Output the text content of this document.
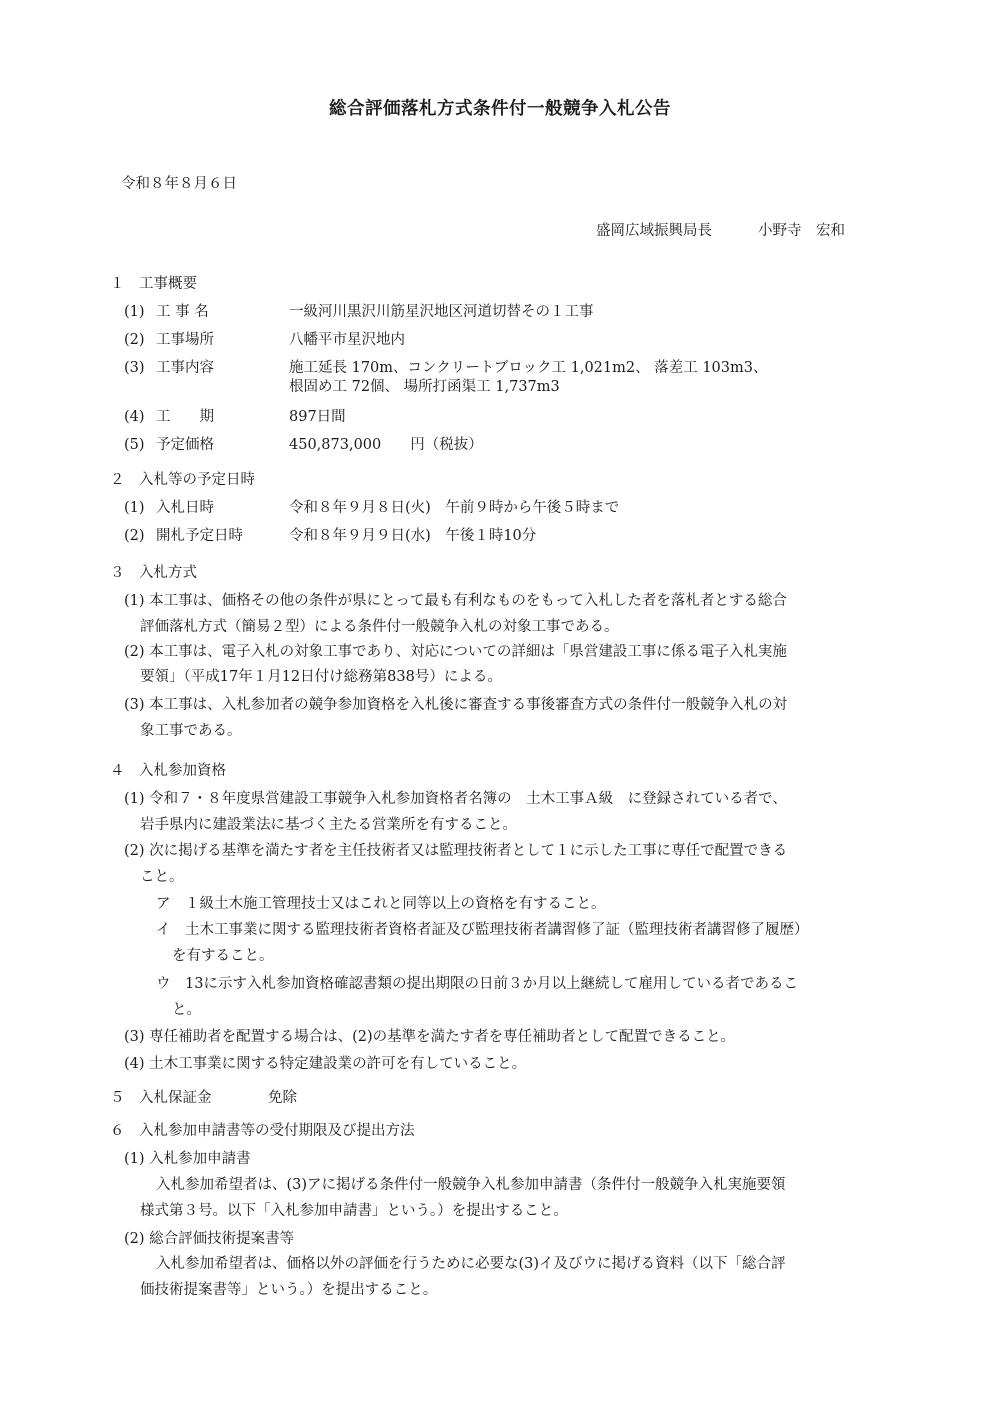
総合評価落札方式条件付一般競争入札公告
令和８年８月６日
盛岡広域振興局長	小野寺　宏和
１　工事概要
(1) 工 事 名	一級河川黒沢川筋星沢地区河道切替その１工事
(2) 工事場所	八幡平市星沢地内
(3) 工事内容	施工延長 170m、コンクリートブロック工 1,021m2、 落差工 103m3、
根固め工 72個、 場所打函渠工 1,737m3
(4) 工　　期	897日間
(5) 予定価格	450,873,000　　円（税抜）
２　入札等の予定日時
(1) 入札日時	令和８年９月８日(火)　午前９時から午後５時まで
(2) 開札予定日時	令和８年９月９日(水)　午後１時10分
３　入札方式
(1) 本工事は、価格その他の条件が県にとって最も有利なものをもって入札した者を落札者とする総合
評価落札方式（簡易２型）による条件付一般競争入札の対象工事である。
(2) 本工事は、電子入札の対象工事であり、対応についての詳細は「県営建設工事に係る電子入札実施
要領」（平成17年１月12日付け総務第838号）による。
(3) 本工事は、入札参加者の競争参加資格を入札後に審査する事後審査方式の条件付一般競争入札の対
象工事である。
４　入札参加資格
(1) 令和７・８年度県営建設工事競争入札参加資格者名簿の　土木工事Ａ級　に登録されている者で、
岩手県内に建設業法に基づく主たる営業所を有すること。
(2) 次に掲げる基準を満たす者を主任技術者又は監理技術者として１に示した工事に専任で配置できる
こと。
ア　１級土木施工管理技士又はこれと同等以上の資格を有すること。
イ　土木工事業に関する監理技術者資格者証及び監理技術者講習修了証（監理技術者講習修了履歴）
を有すること。
ウ　13に示す入札参加資格確認書類の提出期限の日前３か月以上継続して雇用している者であるこ
と。
(3) 専任補助者を配置する場合は、(2)の基準を満たす者を専任補助者として配置できること。
(4) 土木工事業に関する特定建設業の許可を有していること。
５　入札保証金	免除
６　入札参加申請書等の受付期限及び提出方法
(1) 入札参加申請書
入札参加希望者は、(3)アに掲げる条件付一般競争入札参加申請書（条件付一般競争入札実施要領
様式第３号。以下「入札参加申請書」という。）を提出すること。
(2) 総合評価技術提案書等
入札参加希望者は、価格以外の評価を行うために必要な(3)イ及びウに掲げる資料（以下「総合評
価技術提案書等」という。）を提出すること。
